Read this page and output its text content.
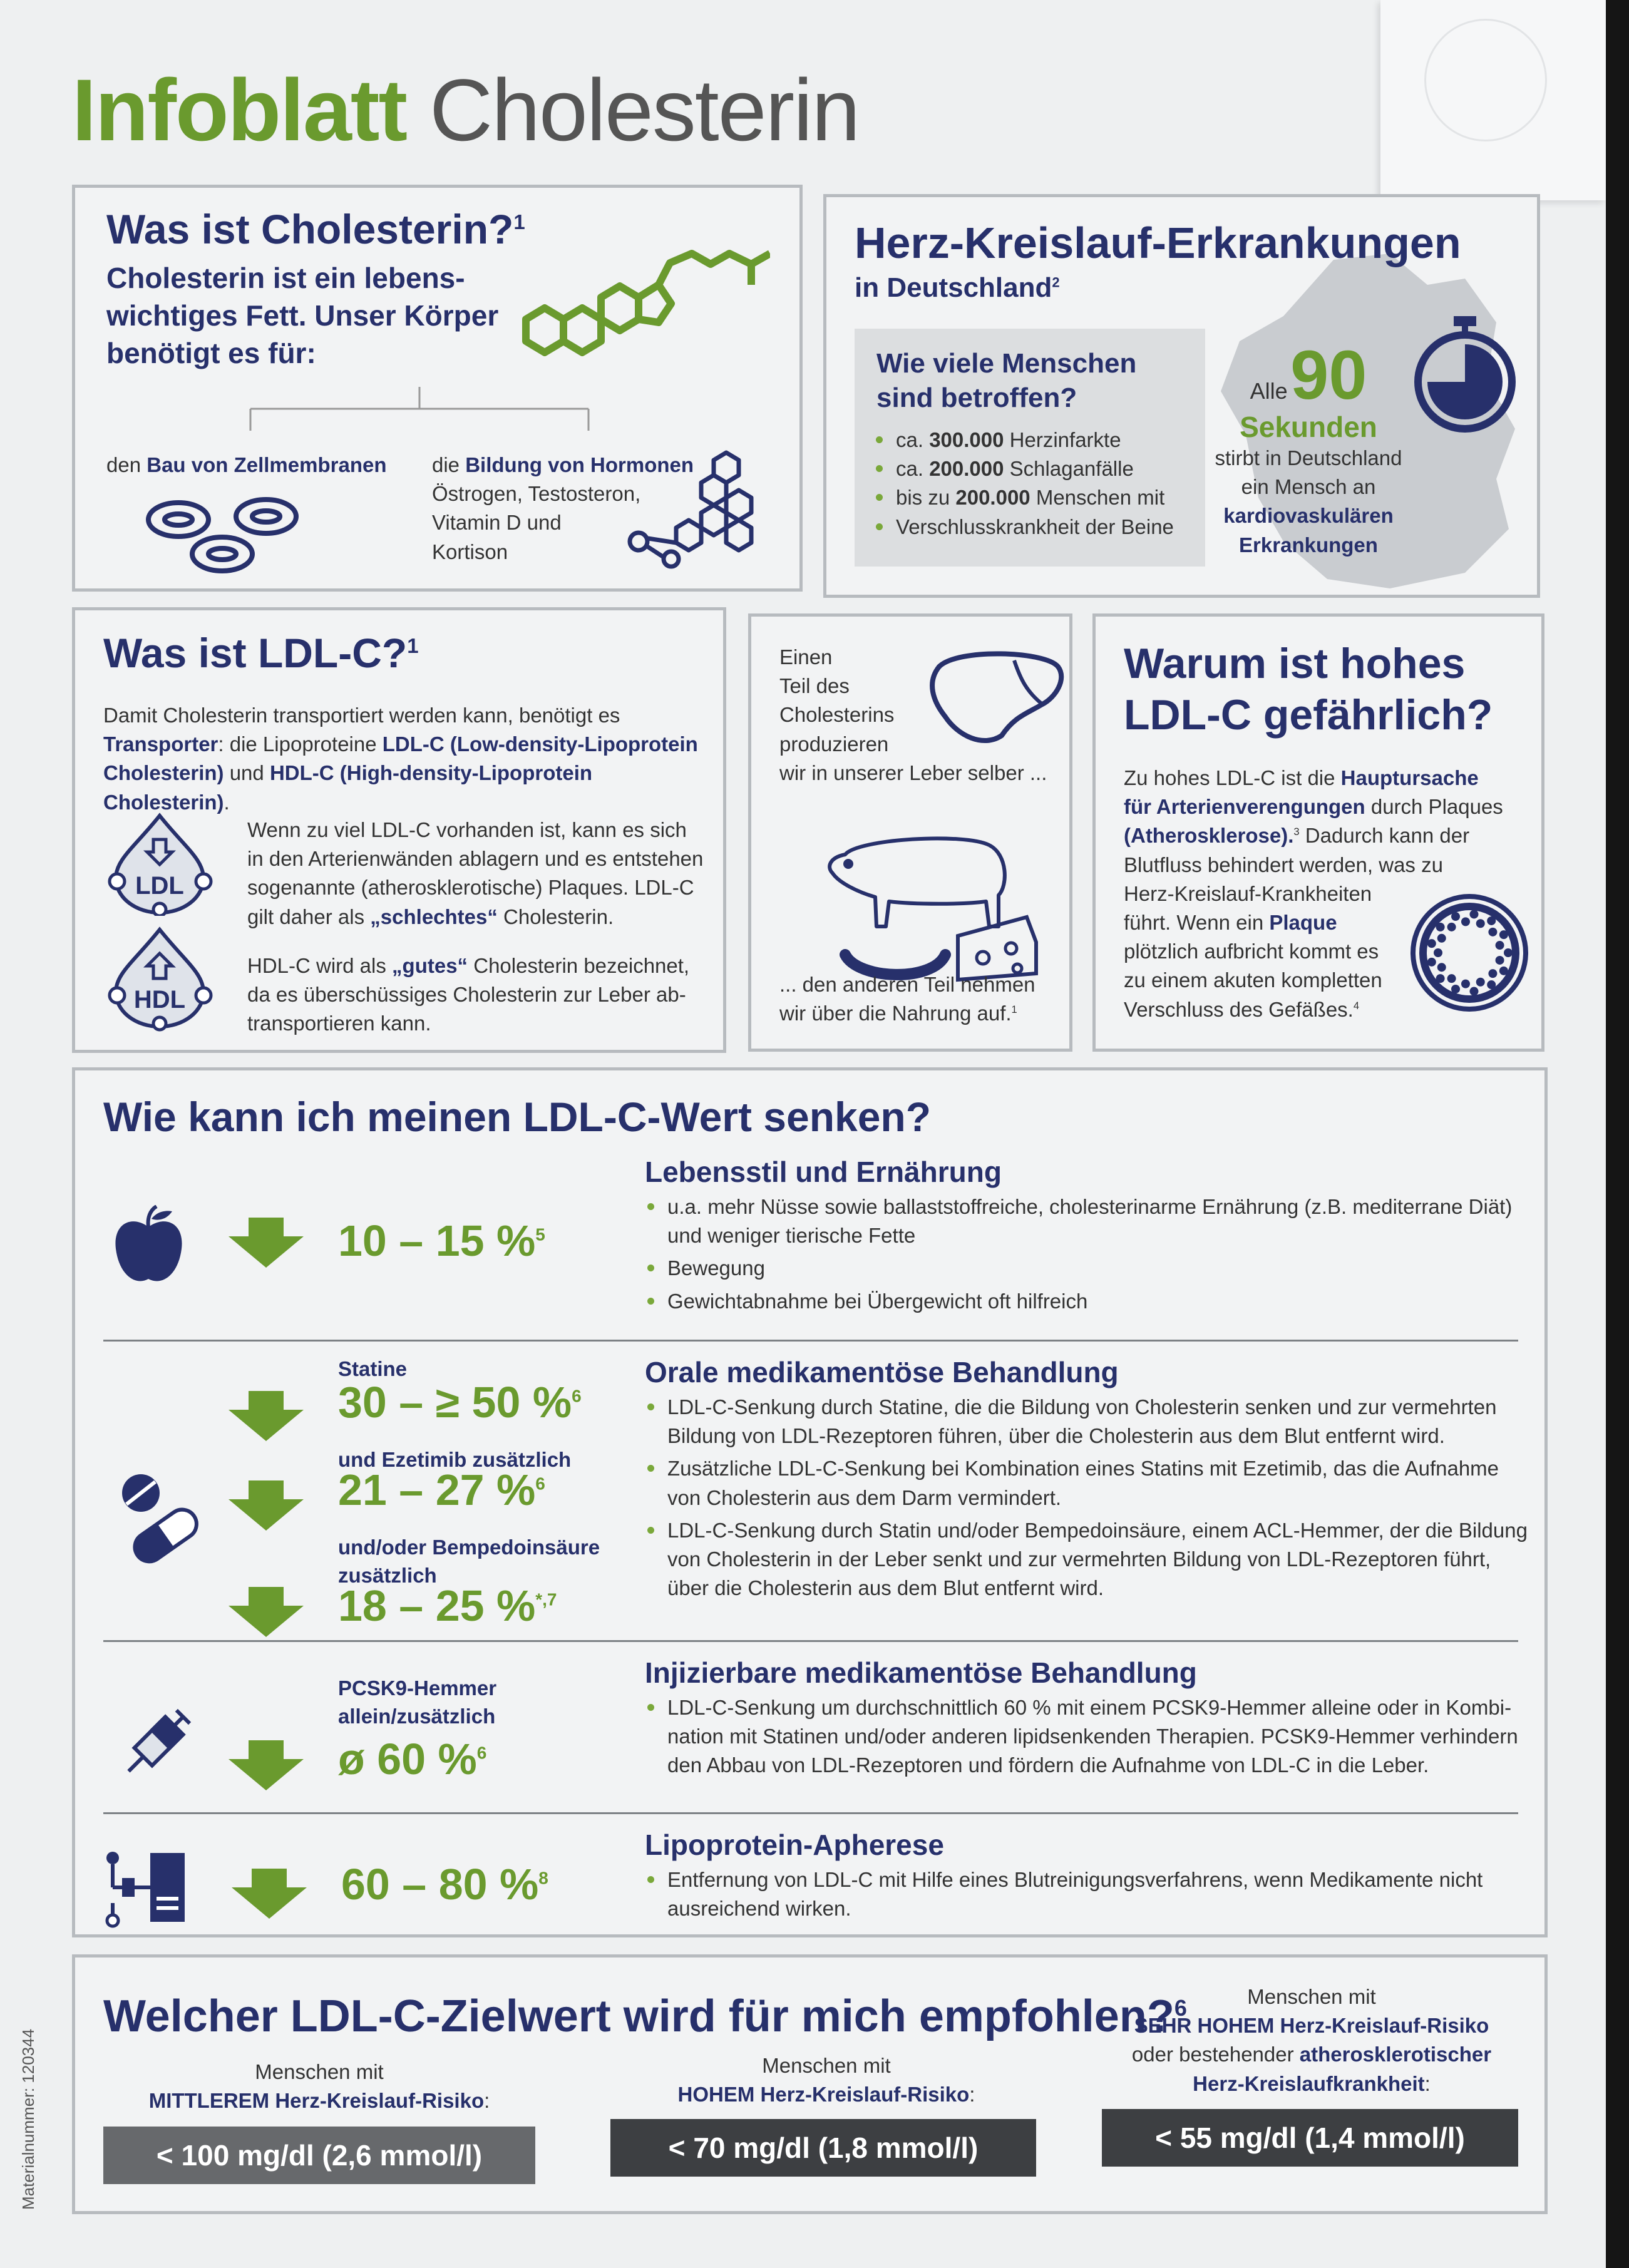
Infoblatt Cholesterin
Was ist Cholesterin?$^1$
Cholesterin ist ein lebens-
wichtiges Fett. Unser Körper
benötigt es für:
den Bau von Zellmembranen die Bildung von Hormonen
Östrogen, Testosteron,
Vitamin D und
Kortison
Herz-Kreislauf-Erkrankungen
in Deutschland$^2$
Wie viele Menschen
sind betroffen?
ca. 300.000 Herzinfarkte
ca. 200.000 Schlaganfälle
bis zu 200.000 Menschen mit
Verschlusskrankheit der Beine
Alle 90
Sekunden
stirbt in Deutschland
ein Mensch an
kardiovaskulären
Erkrankungen
Was ist LDL-C?$^1$
Damit Cholesterin transportiert werden kann, benötigt es
Transporter: die Lipoproteine LDL-C (Low-density-Lipoprotein
Cholesterin) und HDL-C (High-density-Lipoprotein
Cholesterin).
LDL
Wenn zu viel LDL-C vorhanden ist, kann es sich
in den Arterienwänden ablagern und es entstehen
sogenannte (atherosklerotische) Plaques. LDL-C
gilt daher als „schlechtes“ Cholesterin.
HDL
HDL-C wird als „gutes“ Cholesterin bezeichnet,
da es überschüssiges Cholesterin zur Leber ab-
transportieren kann.
Einen
Teil des
Cholesterins
produzieren
wir in unserer Leber selber ...
... den anderen Teil nehmen
wir über die Nahrung auf.$^1$
Warum ist hohes
LDL-C gefährlich?
Zu hohes LDL-C ist die Hauptursache
für Arterienverengungen durch Plaques
(Atherosklerose).$^3$ Dadurch kann der
Blutfluss behindert werden, was zu
Herz-Kreislauf-Krankheiten
führt. Wenn ein Plaque
plötzlich aufbricht kommt es
zu einem akuten kompletten
Verschluss des Gefäßes.$^4$
Wie kann ich meinen LDL-C-Wert senken?
10 – 15 %$^5$
Lebensstil und Ernährung
u.a. mehr Nüsse sowie ballaststoffreiche, cholesterinarme Ernährung (z.B. mediterrane Diät)
und weniger tierische Fette
Bewegung
Gewichtabnahme bei Übergewicht oft hilfreich
Statine
30 – ≥ 50 %$^6$
und Ezetimib zusätzlich
21 – 27 %$^6$
und/oder Bempedoinsäure
zusätzlich
18 – 25 %$^{*,7}$
Orale medikamentöse Behandlung
LDL-C-Senkung durch Statine, die die Bildung von Cholesterin senken und zur vermehrten
Bildung von LDL-Rezeptoren führen, über die Cholesterin aus dem Blut entfernt wird.
Zusätzliche LDL-C-Senkung bei Kombination eines Statins mit Ezetimib, das die Aufnahme
von Cholesterin aus dem Darm vermindert.
LDL-C-Senkung durch Statin und/oder Bempedoinsäure, einem ACL-Hemmer, der die Bildung
von Cholesterin in der Leber senkt und zur vermehrten Bildung von LDL-Rezeptoren führt,
über die Cholesterin aus dem Blut entfernt wird.
PCSK9-Hemmer
allein/zusätzlich
ø 60 %$^6$
Injizierbare medikamentöse Behandlung
LDL-C-Senkung um durchschnittlich 60 % mit einem PCSK9-Hemmer alleine oder in Kombi-
nation mit Statinen und/oder anderen lipidsenkenden Therapien. PCSK9-Hemmer verhindern
den Abbau von LDL-Rezeptoren und fördern die Aufnahme von LDL-C in die Leber.
60 – 80 %$^8$
Lipoprotein-Apherese
Entfernung von LDL-C mit Hilfe eines Blutreinigungsverfahrens, wenn Medikamente nicht
ausreichend wirken.
Welcher LDL-C-Zielwert wird für mich empfohlen?$^6$
Menschen mit
MITTLEREM Herz-Kreislauf-Risiko:
< 100 mg/dl (2,6 mmol/l)
Menschen mit
HOHEM Herz-Kreislauf-Risiko:
< 70 mg/dl (1,8 mmol/l)
Menschen mit
SEHR HOHEM Herz-Kreislauf-Risiko
oder bestehender atherosklerotischer
Herz-Kreislaufkrankheit:
< 55 mg/dl (1,4 mmol/l)
Materialnummer: 120344
